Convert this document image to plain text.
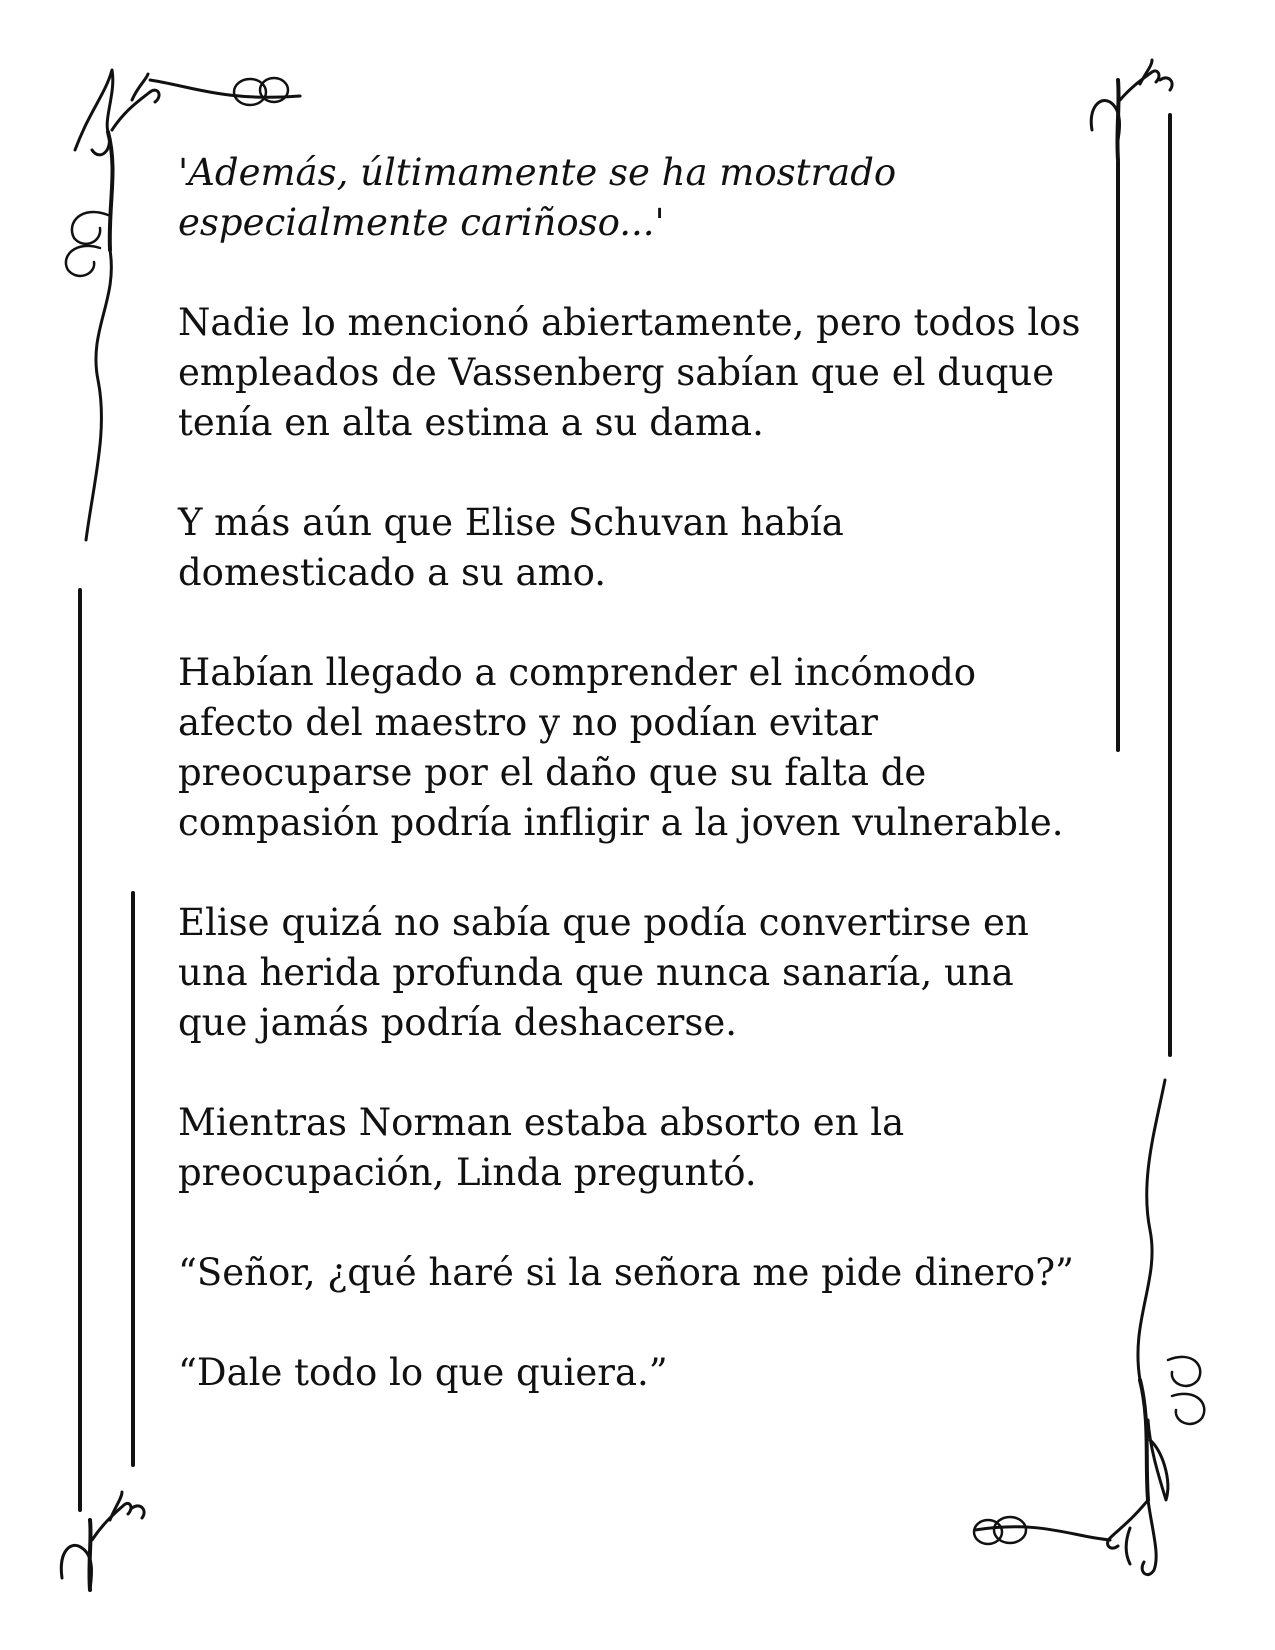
'Además, últimamente se ha mostrado
especialmente cariñoso...'

Nadie lo mencionó abiertamente, pero todos los
empleados de Vassenberg sabían que el duque
tenía en alta estima a su dama.

Y más aún que Elise Schuvan había
domesticado a su amo.

Habían llegado a comprender el incómodo
afecto del maestro y no podían evitar
preocuparse por el daño que su falta de
compasión podría infligir a la joven vulnerable.

Elise quizá no sabía que podía convertirse en
una herida profunda que nunca sanaría, una
que jamás podría deshacerse.

Mientras Norman estaba absorto en la
preocupación, Linda preguntó.

“Señor, ¿qué haré si la señora me pide dinero?”

“Dale todo lo que quiera.”
